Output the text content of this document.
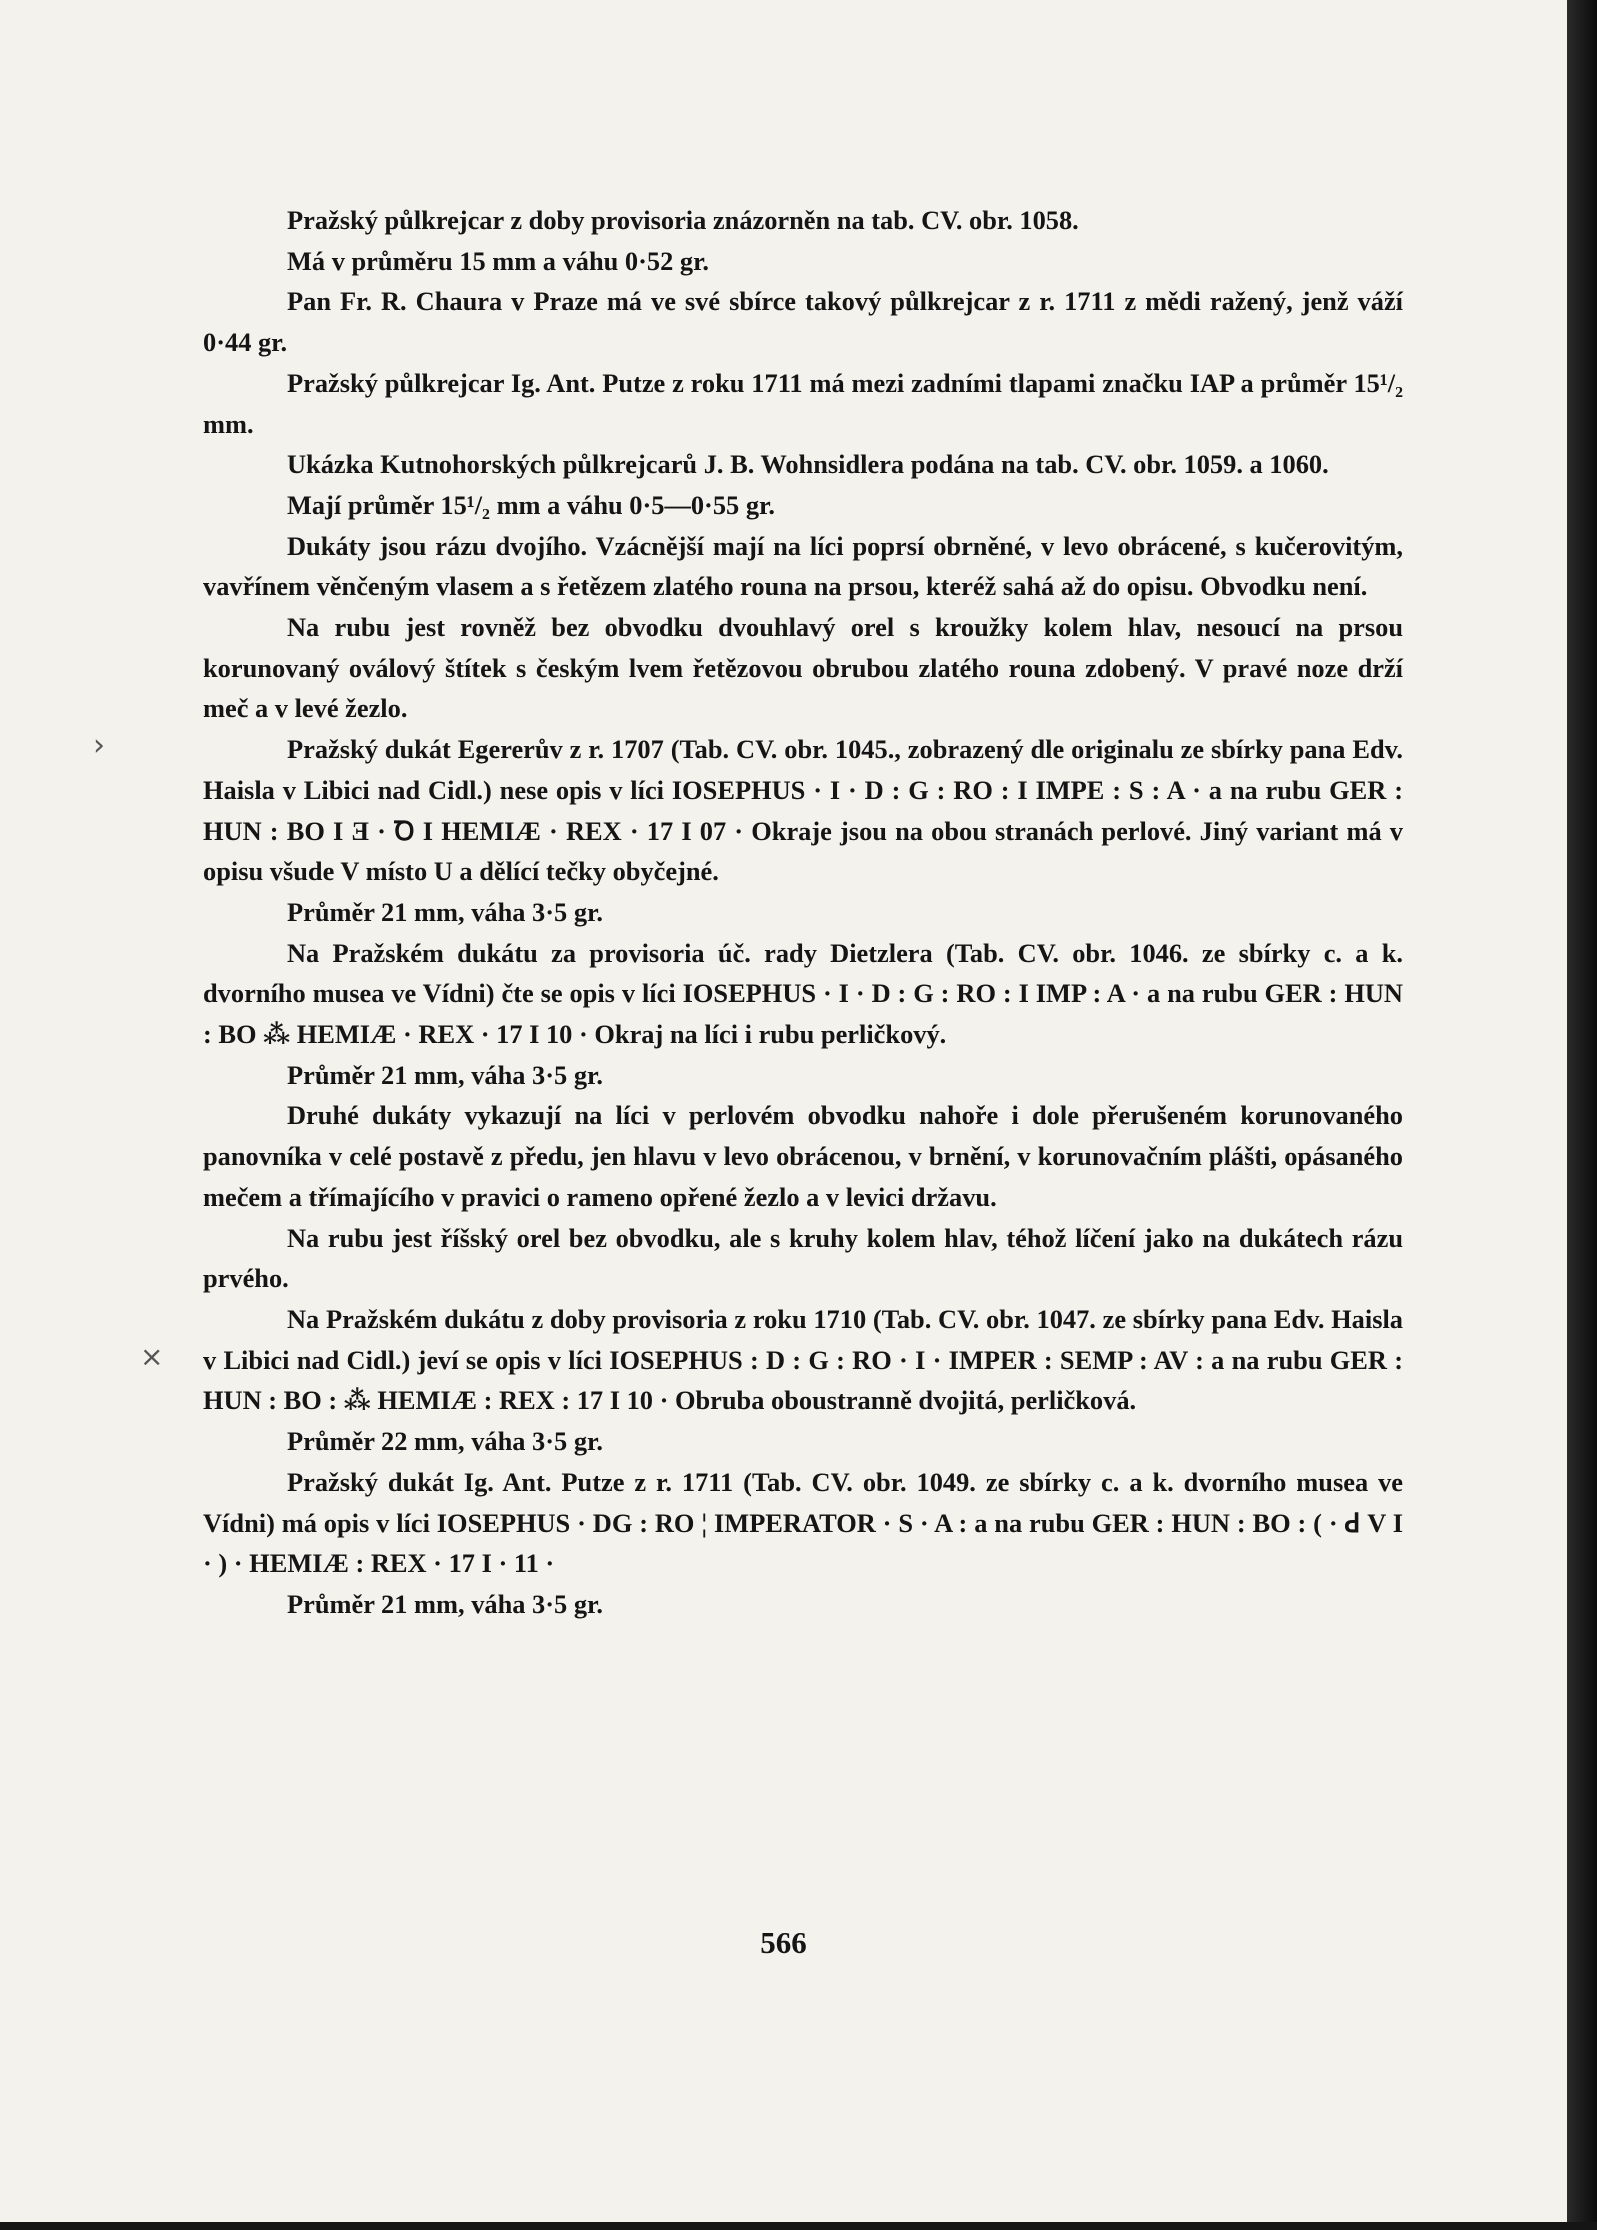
›
×

Pražský půlkrejcar z doby provisoria znázorněn na tab. CV. obr. 1058.

Má v průměru 15 mm a váhu 0·52 gr.

Pan Fr. R. Chaura v Praze má ve své sbírce takový půlkrejcar z r. 1711 z mědi ražený, jenž váží 0·44 gr.

Pražský půlkrejcar Ig. Ant. Putze z roku 1711 má mezi zadními tlapami značku IAP a průměr 15¹/₂ mm.

Ukázka Kutnohorských půlkrejcarů J. B. Wohnsidlera podána na tab. CV. obr. 1059. a 1060.

Mají průměr 15¹/₂ mm a váhu 0·5—0·55 gr.

Dukáty jsou rázu dvojího. Vzácnější mají na líci poprsí obrněné, v levo obrácené, s kučerovitým, vavřínem věnčeným vlasem a s řetězem zlatého rouna na prsou, kteréž sahá až do opisu. Obvodku není.

Na rubu jest rovněž bez obvodku dvouhlavý orel s kroužky kolem hlav, nesoucí na prsou korunovaný oválový štítek s českým lvem řetězovou obrubou zlatého rouna zdobený. V pravé noze drží meč a v levé žezlo.

Pražský dukát Egererův z r. 1707 (Tab. CV. obr. 1045., zobrazený dle originalu ze sbírky pana Edv. Haisla v Libici nad Cidl.) nese opis v líci IOSEPHUS · I · D : G : RO : I IMPE : S : A · a na rubu GER : HUN : BO I Ǝ · Ꝺ I HEMIÆ · REX · 17 I 07 · Okraje jsou na obou stranách perlové. Jiný variant má v opisu všude V místo U a dělící tečky obyčejné.

Průměr 21 mm, váha 3·5 gr.

Na Pražském dukátu za provisoria úč. rady Dietzlera (Tab. CV. obr. 1046. ze sbírky c. a k. dvorního musea ve Vídni) čte se opis v líci IOSEPHUS · I · D : G : RO : I IMP : A · a na rubu GER : HUN : BO ⁂ HEMIÆ · REX · 17 I 10 · Okraj na líci i rubu perličkový.

Průměr 21 mm, váha 3·5 gr.

Druhé dukáty vykazují na líci v perlovém obvodku nahoře i dole přerušeném korunovaného panovníka v celé postavě z předu, jen hlavu v levo obrácenou, v brnění, v korunovačním plášti, opásaného mečem a třímajícího v pravici o rameno opřené žezlo a v levici državu.

Na rubu jest říšský orel bez obvodku, ale s kruhy kolem hlav, téhož líčení jako na dukátech rázu prvého.

Na Pražském dukátu z doby provisoria z roku 1710 (Tab. CV. obr. 1047. ze sbírky pana Edv. Haisla v Libici nad Cidl.) jeví se opis v líci IOSEPHUS : D : G : RO · I · IMPER : SEMP : AV : a na rubu GER : HUN : BO : ⁂ HEMIÆ : REX : 17 I 10 · Obruba oboustranně dvojitá, perličková.

Průměr 22 mm, váha 3·5 gr.

Pražský dukát Ig. Ant. Putze z r. 1711 (Tab. CV. obr. 1049. ze sbírky c. a k. dvorního musea ve Vídni) má opis v líci IOSEPHUS · DG : RO ¦ IMPERATOR · S · A : a na rubu GER : HUN : BO : ( · ꓒ V I · ) · HEMIÆ : REX · 17 I · 11 ·

Průměr 21 mm, váha 3·5 gr.

566
